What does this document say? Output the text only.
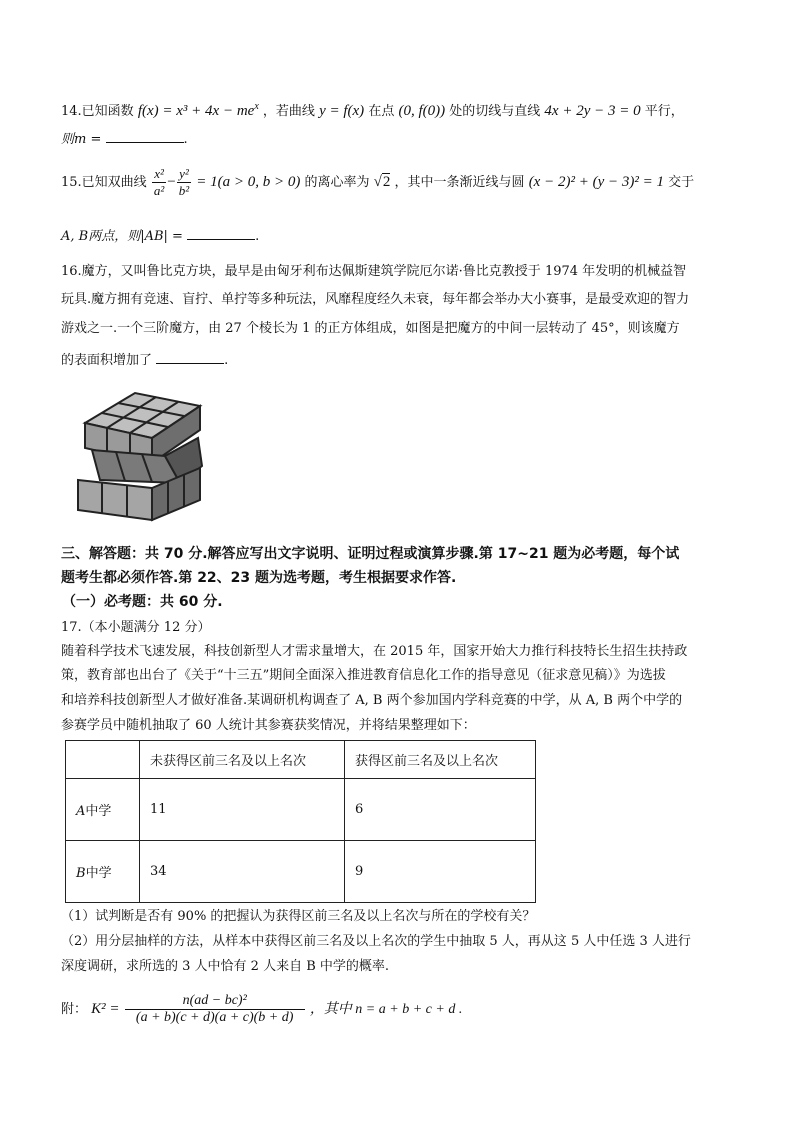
14.已知函数 $f(x) = x^3 + 4x - me^x$ ，若曲线 y = f(x) 在点 (0, f(0)) 处的切线与直线 4x + 2y − 3 = 0 平行，
则m =	.
15.已知双曲线 $\frac{\text{x²}}{\text{a²}} - \frac{\text{y²}}{\text{b²}} = 1(a > 0$, b > 0) 的离心率为 √2 ，其中一条渐近线与圆 (x − 2)² + (y − 3)² = 1 交于
A, B两点，则|AB| =	.
16.魔方，又叫鲁比克方块，最早是由匈牙利布达佩斯建筑学院厄尔诺·鲁比克教授于 1974 年发明的机械益智
玩具.魔方拥有竞速、盲拧、单拧等多种玩法，风靡程度经久未衰，每年都会举办大小赛事，是最受欢迎的智力
游戏之一.一个三阶魔方，由 27 个棱长为 1 的正方体组成，如图是把魔方的中间一层转动了 45°，则该魔方
的表面积增加了	.
三、解答题：共 70 分.解答应写出文字说明、证明过程或演算步骤.第 17~21 题为必考题，每个试
题考生都必须作答.第 22、23 题为选考题，考生根据要求作答.
（一）必考题：共 60 分.
17.（本小题满分 12 分）
随着科学技术飞速发展，科技创新型人才需求量增大，在 2015 年，国家开始大力推行科技特长生招生扶持政
策，教育部也出台了《关于“十三五”期间全面深入推进教育信息化工作的指导意见（征求意见稿）》为选拔
和培养科技创新型人才做好准备.某调研机构调查了 A, B 两个参加国内学科竞赛的中学，从 A, B 两个中学的
参赛学员中随机抽取了 60 人统计其参赛获奖情况，并将结果整理如下：
	未获得区前三名及以上名次	获得区前三名及以上名次
A中学	11	6
B中学	34	9
（1）试判断是否有 90% 的把握认为获得区前三名及以上名次与所在的学校有关？
（2）用分层抽样的方法，从样本中获得区前三名及以上名次的学生中抽取 5 人，再从这 5 人中任选 3 人进行
深度调研，求所选的 3 人中恰有 2 人来自 B 中学的概率.
附： $K^2 = \frac{\text{n(ad − bc)²}}{(a + b)(c + d)(a + c)(b + d)}$ ，其中 n = a + b + c + d .
